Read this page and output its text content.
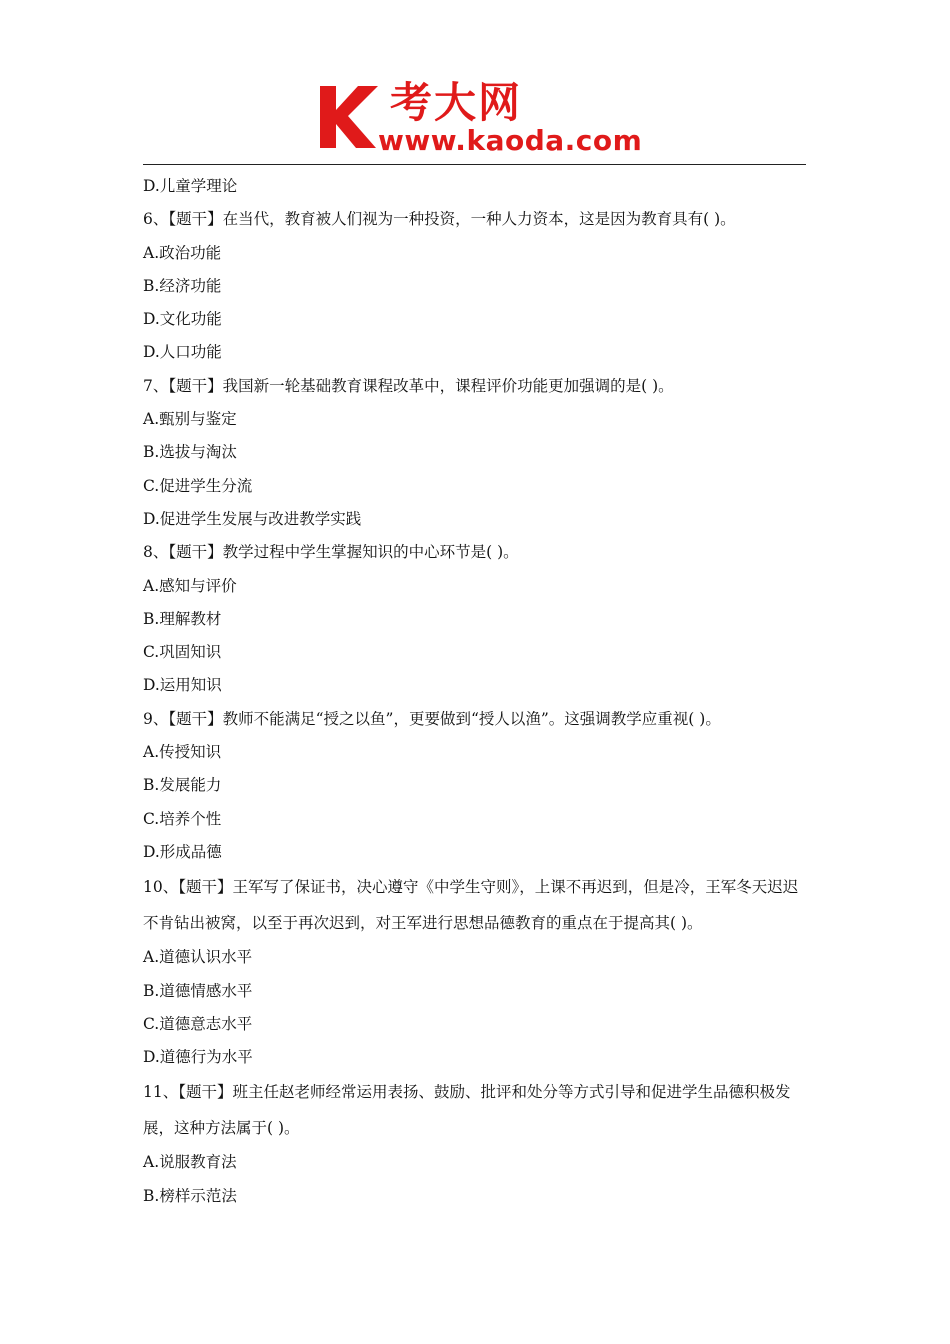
考大网
www.kaoda.com
D.儿童学理论
6、【题干】在当代，教育被人们视为一种投资，一种人力资本，这是因为教育具有( )。
A.政治功能
B.经济功能
D.文化功能
D.人口功能
7、【题干】我国新一轮基础教育课程改革中，课程评价功能更加强调的是( )。
A.甄别与鉴定
B.选拔与淘汰
C.促进学生分流
D.促进学生发展与改进教学实践
8、【题干】教学过程中学生掌握知识的中心环节是( )。
A.感知与评价
B.理解教材
C.巩固知识
D.运用知识
9、【题干】教师不能满足“授之以鱼”，更要做到“授人以渔”。这强调教学应重视( )。
A.传授知识
B.发展能力
C.培养个性
D.形成品德
10、【题干】王军写了保证书，决心遵守《中学生守则》，上课不再迟到，但是冷，王军冬天迟迟不肯钻出被窝，以至于再次迟到，对王军进行思想品德教育的重点在于提高其( )。
A.道德认识水平
B.道德情感水平
C.道德意志水平
D.道德行为水平
11、【题干】班主任赵老师经常运用表扬、鼓励、批评和处分等方式引导和促进学生品德积极发展，这种方法属于( )。
A.说服教育法
B.榜样示范法
